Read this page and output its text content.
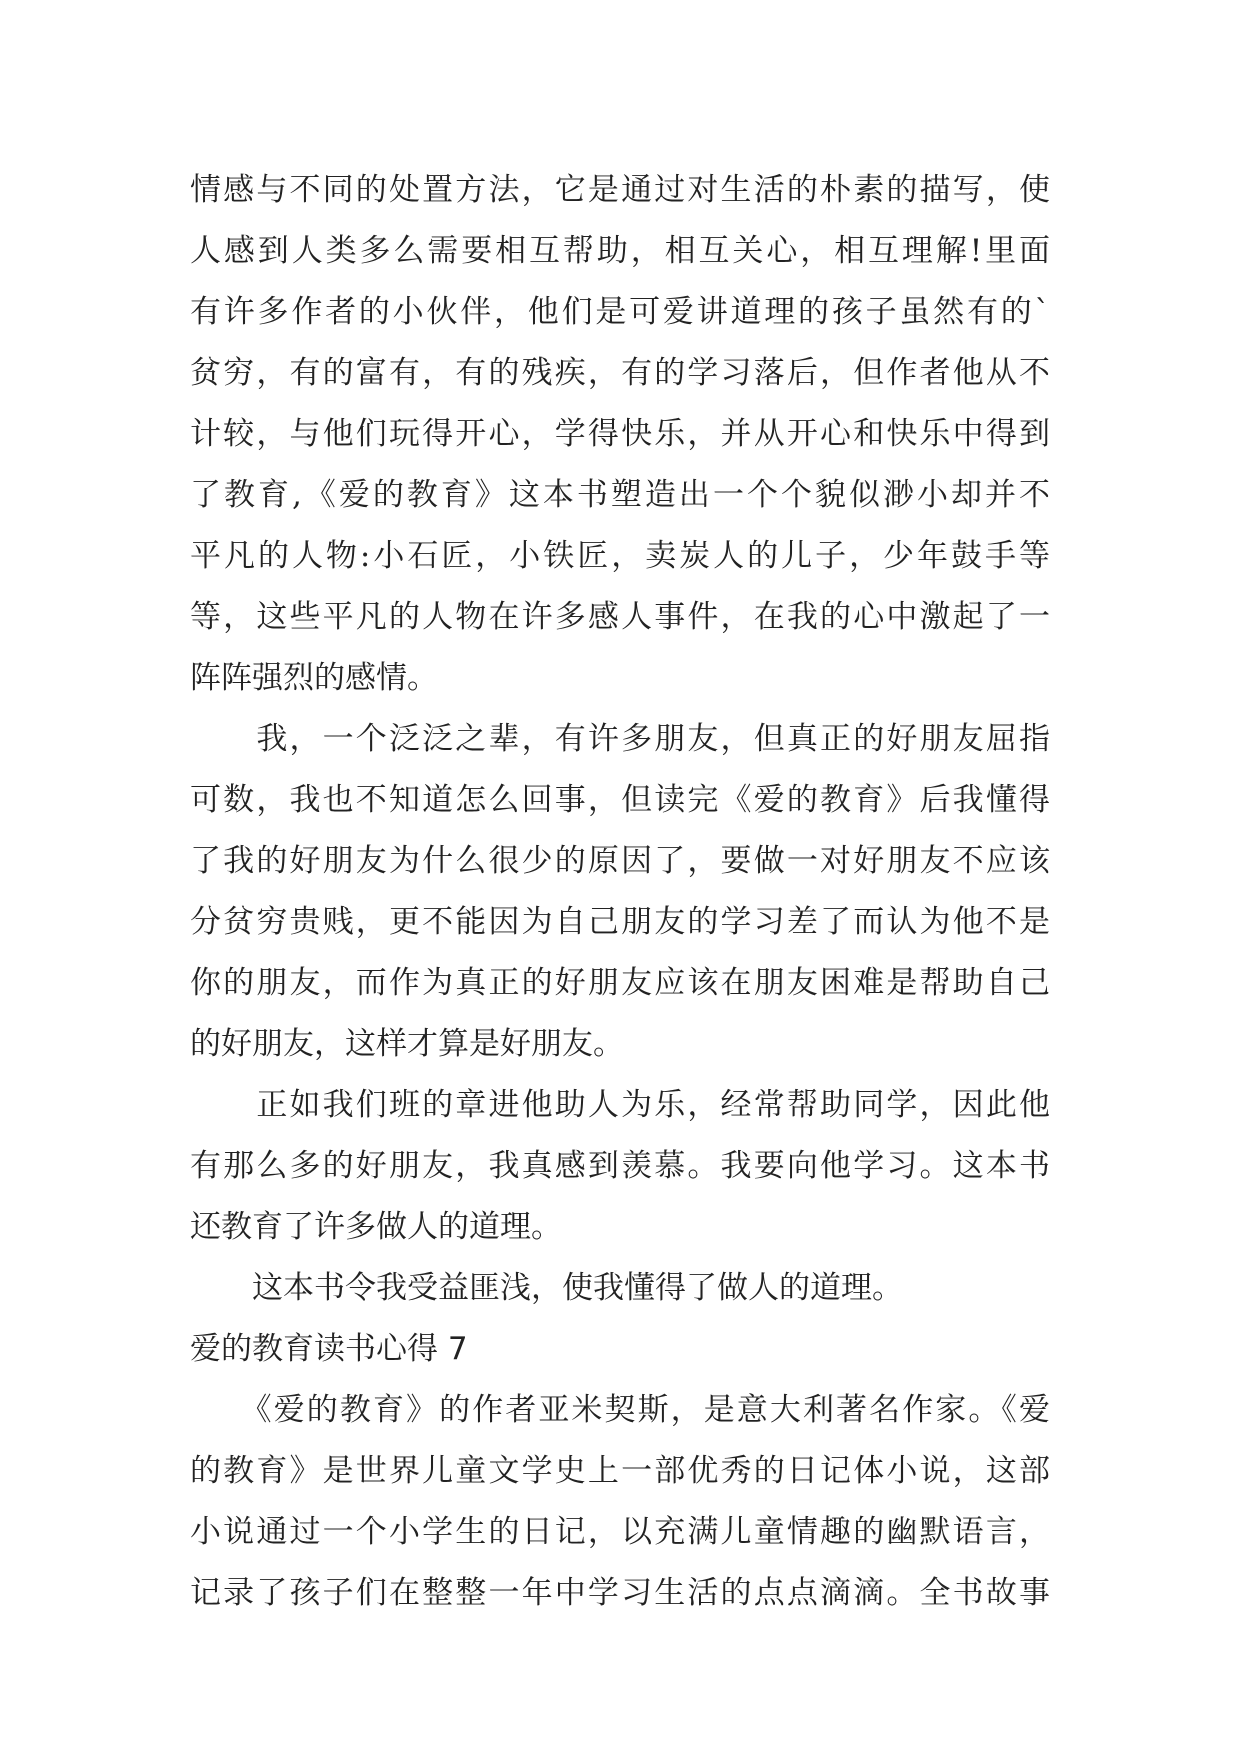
情感与不同的处置方法，它是通过对生活的朴素的描写，使
人感到人类多么需要相互帮助，相互关心，相互理解!里面
有许多作者的小伙伴，他们是可爱讲道理的孩子虽然有的`
贫穷，有的富有，有的残疾，有的学习落后，但作者他从不
计较，与他们玩得开心，学得快乐，并从开心和快乐中得到
了教育,《爱的教育》这本书塑造出一个个貌似渺小却并不
平凡的人物:小石匠，小铁匠，卖炭人的儿子，少年鼓手等
等，这些平凡的人物在许多感人事件，在我的心中激起了一
阵阵强烈的感情。
　　我，一个泛泛之辈，有许多朋友，但真正的好朋友屈指
可数，我也不知道怎么回事，但读完《爱的教育》后我懂得
了我的好朋友为什么很少的原因了，要做一对好朋友不应该
分贫穷贵贱，更不能因为自己朋友的学习差了而认为他不是
你的朋友，而作为真正的好朋友应该在朋友困难是帮助自己
的好朋友，这样才算是好朋友。
　　正如我们班的章进他助人为乐，经常帮助同学，因此他
有那么多的好朋友，我真感到羡慕。我要向他学习。这本书
还教育了许多做人的道理。
　　这本书令我受益匪浅，使我懂得了做人的道理。
爱的教育读书心得 7
　　《爱的教育》的作者亚米契斯，是意大利著名作家。《爱
的教育》是世界儿童文学史上一部优秀的日记体小说，这部
小说通过一个小学生的日记，以充满儿童情趣的幽默语言，
记录了孩子们在整整一年中学习生活的点点滴滴。全书故事
